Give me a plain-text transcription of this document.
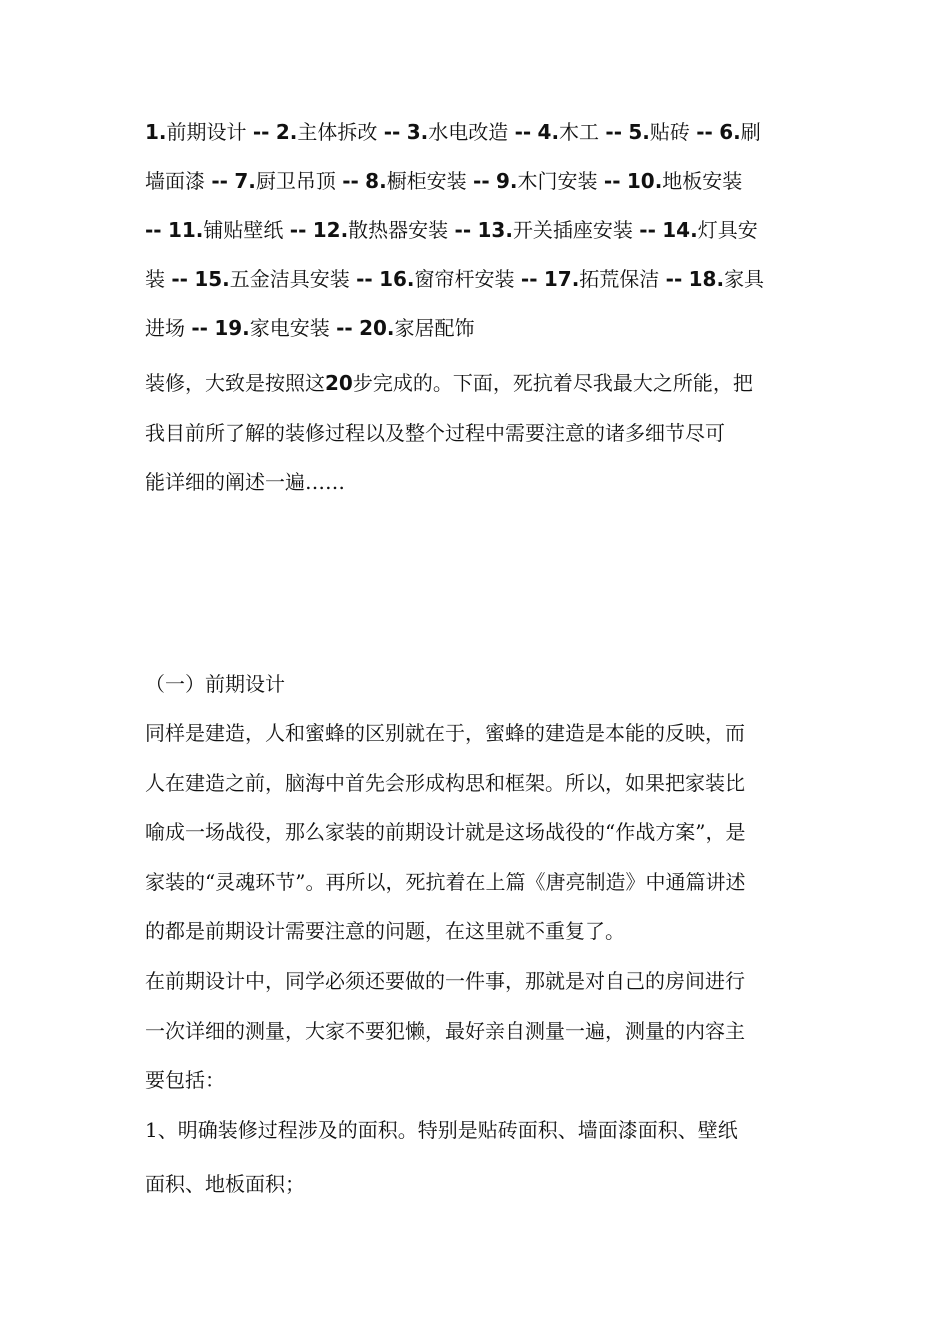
1.前期设计 -- 2.主体拆改 -- 3.水电改造 -- 4.木工 -- 5.贴砖 -- 6.刷
墙面漆 -- 7.厨卫吊顶 -- 8.橱柜安装 -- 9.木门安装 -- 10.地板安装
-- 11.铺贴壁纸 -- 12.散热器安装 -- 13.开关插座安装 -- 14.灯具安
装 -- 15.五金洁具安装 -- 16.窗帘杆安装 -- 17.拓荒保洁 -- 18.家具
进场 -- 19.家电安装 -- 20.家居配饰
装修，大致是按照这20步完成的。下面，死抗着尽我最大之所能，把
我目前所了解的装修过程以及整个过程中需要注意的诸多细节尽可
能详细的阐述一遍……
（一）前期设计
同样是建造，人和蜜蜂的区别就在于，蜜蜂的建造是本能的反映，而
人在建造之前，脑海中首先会形成构思和框架。所以，如果把家装比
喻成一场战役，那么家装的前期设计就是这场战役的“作战方案”，是
家装的“灵魂环节”。再所以，死抗着在上篇《唐亮制造》中通篇讲述
的都是前期设计需要注意的问题，在这里就不重复了。
在前期设计中，同学必须还要做的一件事，那就是对自己的房间进行
一次详细的测量，大家不要犯懒，最好亲自测量一遍，测量的内容主
要包括：
1、明确装修过程涉及的面积。特别是贴砖面积、墙面漆面积、壁纸
面积、地板面积；
